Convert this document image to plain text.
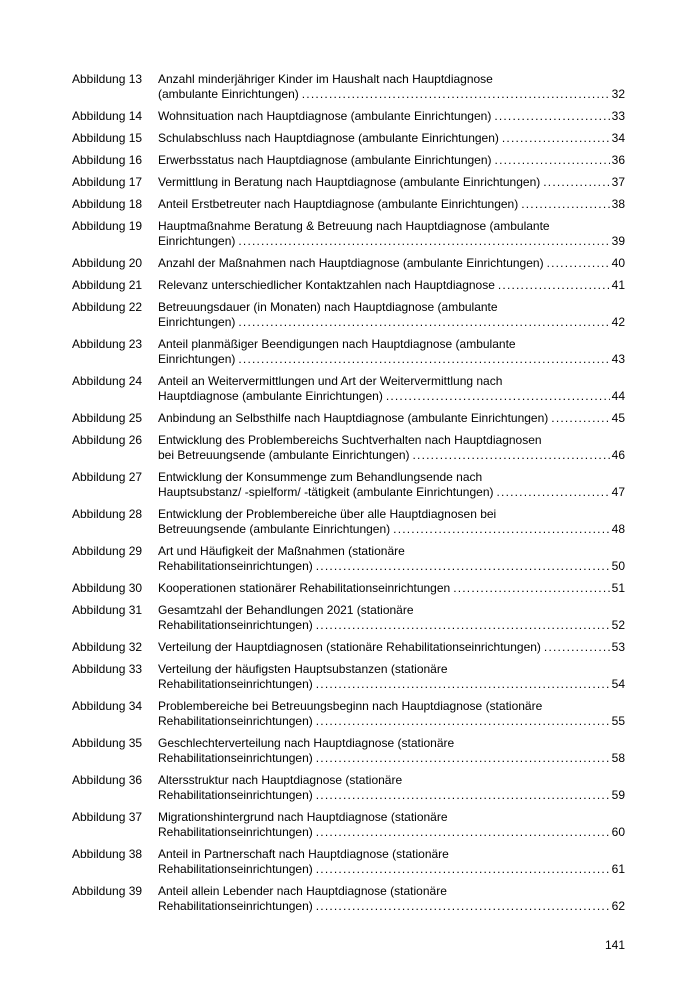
Abbildung 13	Anzahl minderjähriger Kinder im Haushalt nach Hauptdiagnose
(ambulante Einrichtungen) .....	32
Abbildung 14	Wohnsituation nach Hauptdiagnose (ambulante Einrichtungen) .....	33
Abbildung 15	Schulabschluss nach Hauptdiagnose (ambulante Einrichtungen) .....	34
Abbildung 16	Erwerbsstatus nach Hauptdiagnose (ambulante Einrichtungen) .....	36
Abbildung 17	Vermittlung in Beratung nach Hauptdiagnose (ambulante Einrichtungen) .....	37
Abbildung 18	Anteil Erstbetreuter nach Hauptdiagnose (ambulante Einrichtungen) .....	38
Abbildung 19	Hauptmaßnahme Beratung & Betreuung nach Hauptdiagnose (ambulante
Einrichtungen) .....	39
Abbildung 20	Anzahl der Maßnahmen nach Hauptdiagnose (ambulante Einrichtungen) .....	40
Abbildung 21	Relevanz unterschiedlicher Kontaktzahlen nach Hauptdiagnose .....	41
Abbildung 22	Betreuungsdauer (in Monaten) nach Hauptdiagnose (ambulante
Einrichtungen) .....	42
Abbildung 23	Anteil planmäßiger Beendigungen nach Hauptdiagnose (ambulante
Einrichtungen) .....	43
Abbildung 24	Anteil an Weitervermittlungen und Art der Weitervermittlung nach
Hauptdiagnose (ambulante Einrichtungen) .....	44
Abbildung 25	Anbindung an Selbsthilfe nach Hauptdiagnose (ambulante Einrichtungen) .....	45
Abbildung 26	Entwicklung des Problembereichs Suchtverhalten nach Hauptdiagnosen
bei Betreuungsende (ambulante Einrichtungen) .....	46
Abbildung 27	Entwicklung der Konsummenge zum Behandlungsende nach
Hauptsubstanz/ -spielform/ -tätigkeit (ambulante Einrichtungen) .....	47
Abbildung 28	Entwicklung der Problembereiche über alle Hauptdiagnosen bei
Betreuungsende (ambulante Einrichtungen) .....	48
Abbildung 29	Art und Häufigkeit der Maßnahmen (stationäre
Rehabilitationseinrichtungen) .....	50
Abbildung 30	Kooperationen stationärer Rehabilitationseinrichtungen .....	51
Abbildung 31	Gesamtzahl der Behandlungen 2021 (stationäre
Rehabilitationseinrichtungen) .....	52
Abbildung 32	Verteilung der Hauptdiagnosen (stationäre Rehabilitationseinrichtungen) .....	53
Abbildung 33	Verteilung der häufigsten Hauptsubstanzen (stationäre
Rehabilitationseinrichtungen) .....	54
Abbildung 34	Problembereiche bei Betreuungsbeginn nach Hauptdiagnose (stationäre
Rehabilitationseinrichtungen) .....	55
Abbildung 35	Geschlechterverteilung nach Hauptdiagnose (stationäre
Rehabilitationseinrichtungen) .....	58
Abbildung 36	Altersstruktur nach Hauptdiagnose (stationäre
Rehabilitationseinrichtungen) .....	59
Abbildung 37	Migrationshintergrund nach Hauptdiagnose (stationäre
Rehabilitationseinrichtungen) .....	60
Abbildung 38	Anteil in Partnerschaft nach Hauptdiagnose (stationäre
Rehabilitationseinrichtungen) .....	61
Abbildung 39	Anteil allein Lebender nach Hauptdiagnose (stationäre
Rehabilitationseinrichtungen) .....	62
141
